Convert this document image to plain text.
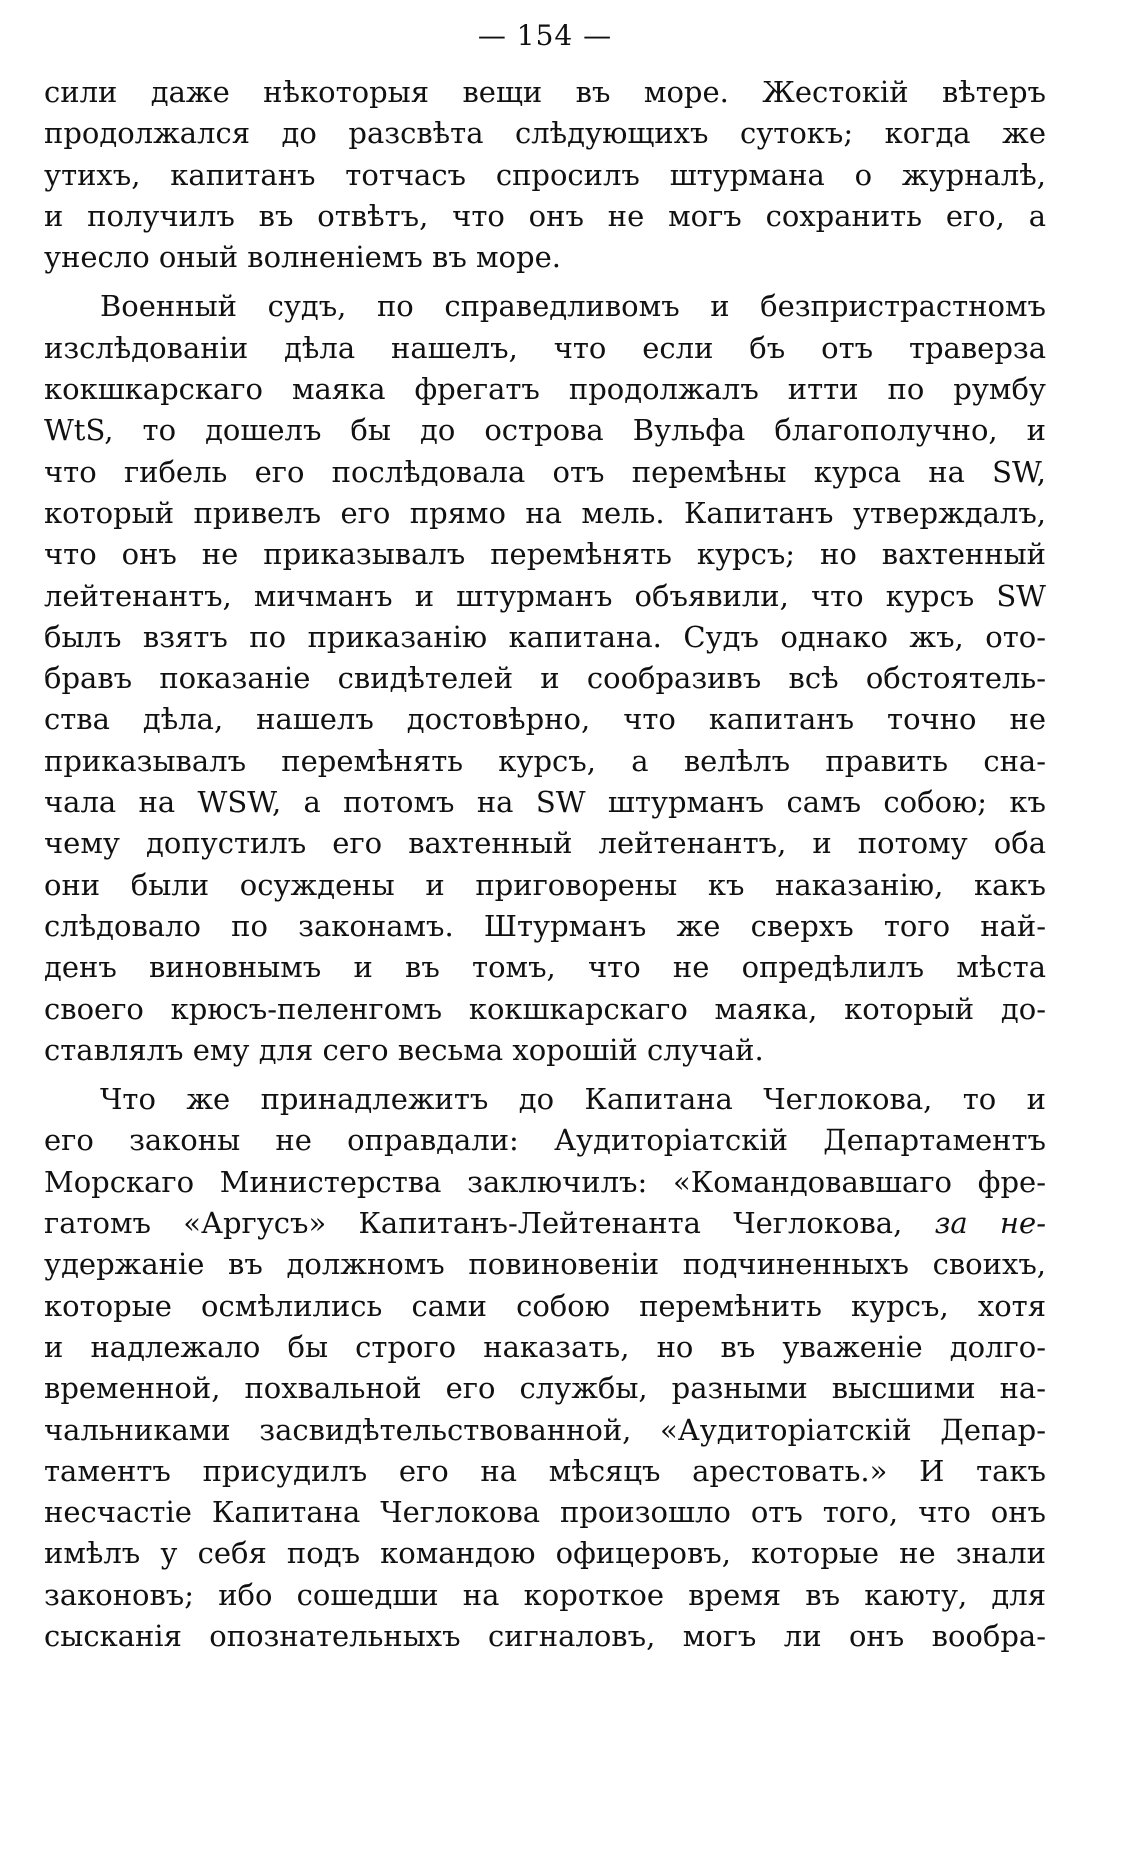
— 154 —
сили даже нѣкоторыя вещи въ море. Жестокій вѣтеръ
продолжался до разсвѣта слѣдующихъ сутокъ; когда же
утихъ, капитанъ тотчасъ спросилъ штурмана о журналѣ,
и получилъ въ отвѣтъ, что онъ не могъ сохранить его, а
унесло оный волненіемъ въ море.
Военный судъ, по справедливомъ и безпристрастномъ
изслѣдованіи дѣла нашелъ, что если бъ отъ траверза
кокшкарскаго маяка фрегатъ продолжалъ итти по румбу
WtS, то дошелъ бы до острова Вульфа благополучно, и
что гибель его послѣдовала отъ перемѣны курса на SW,
который привелъ его прямо на мель. Капитанъ утверждалъ,
что онъ не приказывалъ перемѣнять курсъ; но вахтенный
лейтенантъ, мичманъ и штурманъ объявили, что курсъ SW
былъ взятъ по приказанію капитана. Судъ однако жъ, ото-
бравъ показаніе свидѣтелей и сообразивъ всѣ обстоятель-
ства дѣла, нашелъ достовѣрно, что капитанъ точно не
приказывалъ перемѣнять курсъ, а велѣлъ править сна-
чала на WSW, а потомъ на SW штурманъ самъ собою; къ
чему допустилъ его вахтенный лейтенантъ, и потому оба
они были осуждены и приговорены къ наказанію, какъ
слѣдовало по законамъ. Штурманъ же сверхъ того най-
денъ виновнымъ и въ томъ, что не опредѣлилъ мѣста
своего крюсъ-пеленгомъ кокшкарскаго маяка, который до-
ставлялъ ему для сего весьма хорошій случай.
Что же принадлежитъ до Капитана Чеглокова, то и
его законы не оправдали: Аудиторіатскій Департаментъ
Морскаго Министерства заключилъ: «Командовавшаго фре-
гатомъ «Аргусъ» Капитанъ-Лейтенанта Чеглокова, за не-
удержаніе въ должномъ повиновеніи подчиненныхъ своихъ,
которые осмѣлились сами собою перемѣнить курсъ, хотя
и надлежало бы строго наказать, но въ уваженіе долго-
временной, похвальной его службы, разными высшими на-
чальниками засвидѣтельствованной, «Аудиторіатскій Депар-
таментъ присудилъ его на мѣсяцъ арестовать.» И такъ
несчастіе Капитана Чеглокова произошло отъ того, что онъ
имѣлъ у себя подъ командою офицеровъ, которые не знали
законовъ; ибо сошедши на короткое время въ каюту, для
сысканія опознательныхъ сигналовъ, могъ ли онъ вообра-
